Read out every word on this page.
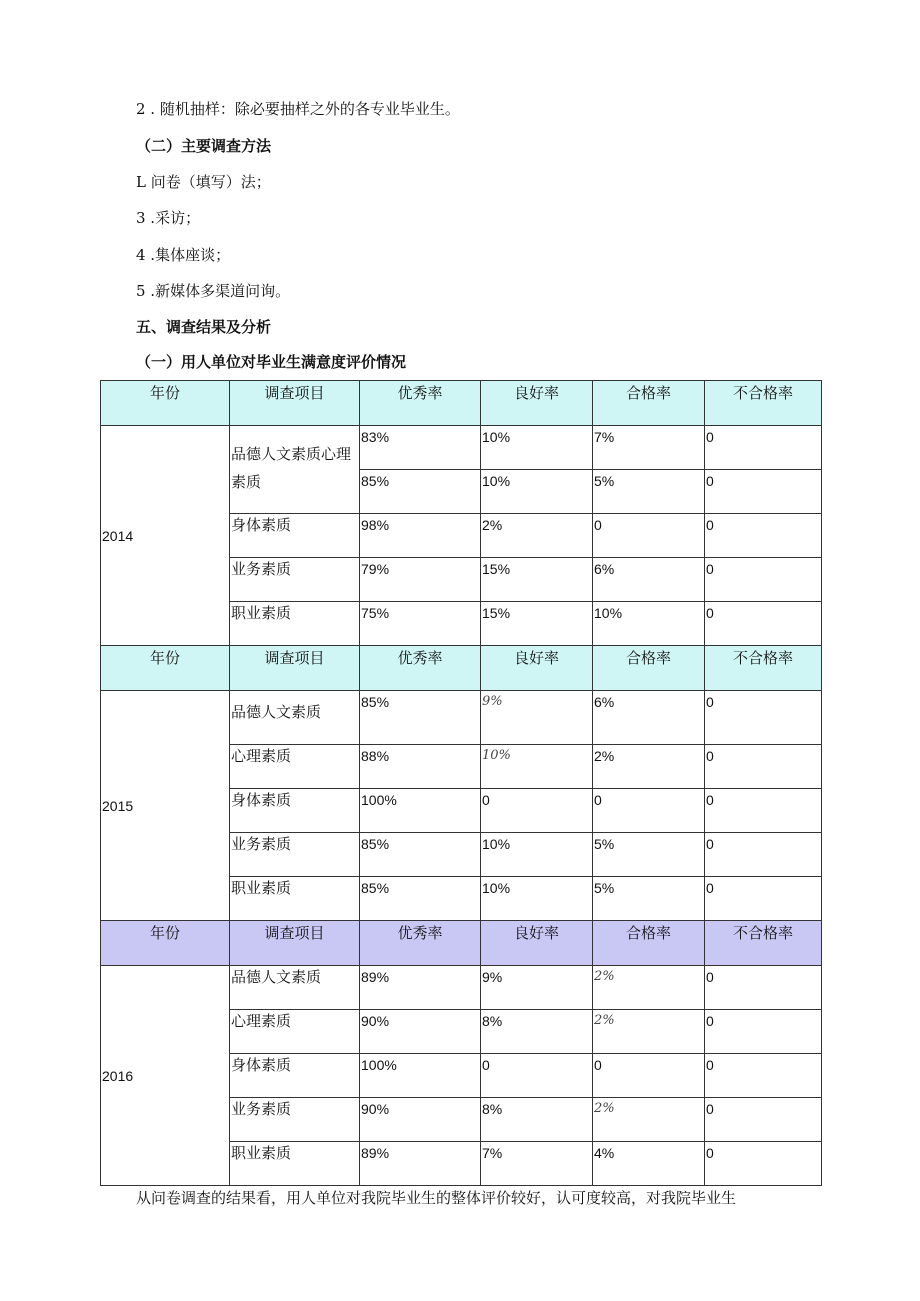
2 . 随机抽样：除必要抽样之外的各专业毕业生。
（二）主要调查方法
L 问卷（填写）法；
3 .采访；
4 .集体座谈；
5 .新媒体多渠道问询。
五、调查结果及分析
（一）用人单位对毕业生满意度评价情况
年份	调查项目	优秀率	良好率	合格率	不合格率
2014	品德人文素质心理素质	83%	10%	7%	0
		85%	10%	5%	0
	身体素质	98%	2%	0	0
	业务素质	79%	15%	6%	0
	职业素质	75%	15%	10%	0
年份	调查项目	优秀率	良好率	合格率	不合格率
2015	品德人文素质	85%	9%	6%	0
	心理素质	88%	10%	2%	0
	身体素质	100%	0	0	0
	业务素质	85%	10%	5%	0
	职业素质	85%	10%	5%	0
年份	调查项目	优秀率	良好率	合格率	不合格率
2016	品德人文素质	89%	9%	2%	0
	心理素质	90%	8%	2%	0
	身体素质	100%	0	0	0
	业务素质	90%	8%	2%	0
	职业素质	89%	7%	4%	0
从问卷调查的结果看，用人单位对我院毕业生的整体评价较好，认可度较高，对我院毕业生
